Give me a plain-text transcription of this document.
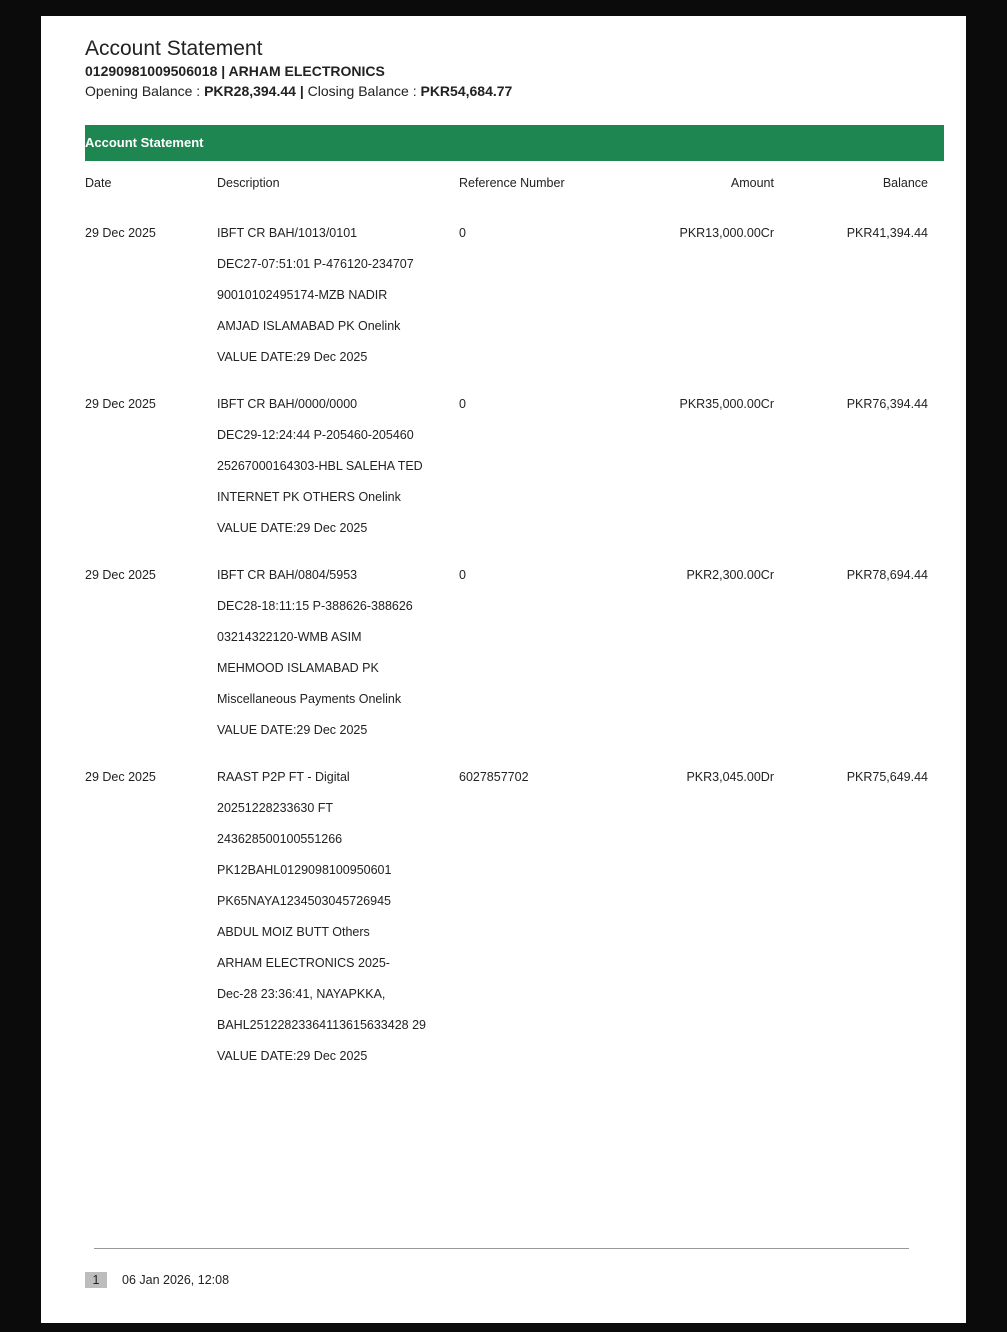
Account Statement
01290981009506018 | ARHAM ELECTRONICS
Opening Balance : PKR28,394.44 | Closing Balance : PKR54,684.77
Account Statement
Date	Description	Reference Number	Amount	Balance
29 Dec 2025	IBFT CR BAH/1013/0101
DEC27-07:51:01 P-476120-234707
90010102495174-MZB NADIR
AMJAD ISLAMABAD PK Onelink
VALUE DATE:29 Dec 2025
0	PKR13,000.00Cr	PKR41,394.44
29 Dec 2025	IBFT CR BAH/0000/0000
DEC29-12:24:44 P-205460-205460
25267000164303-HBL SALEHA TED
INTERNET PK OTHERS Onelink
VALUE DATE:29 Dec 2025
0	PKR35,000.00Cr	PKR76,394.44
29 Dec 2025	IBFT CR BAH/0804/5953
DEC28-18:11:15 P-388626-388626
03214322120-WMB ASIM
MEHMOOD ISLAMABAD PK
Miscellaneous Payments Onelink
VALUE DATE:29 Dec 2025
0	PKR2,300.00Cr	PKR78,694.44
29 Dec 2025	RAAST P2P FT - Digital
20251228233630 FT
243628500100551266
PK12BAHL0129098100950601
PK65NAYA1234503045726945
ABDUL MOIZ BUTT Others
ARHAM ELECTRONICS 2025-
Dec-28 23:36:41, NAYAPKKA,
BAHL25122823364113615633428 29
VALUE DATE:29 Dec 2025
6027857702	PKR3,045.00Dr	PKR75,649.44
1	06 Jan 2026, 12:08
